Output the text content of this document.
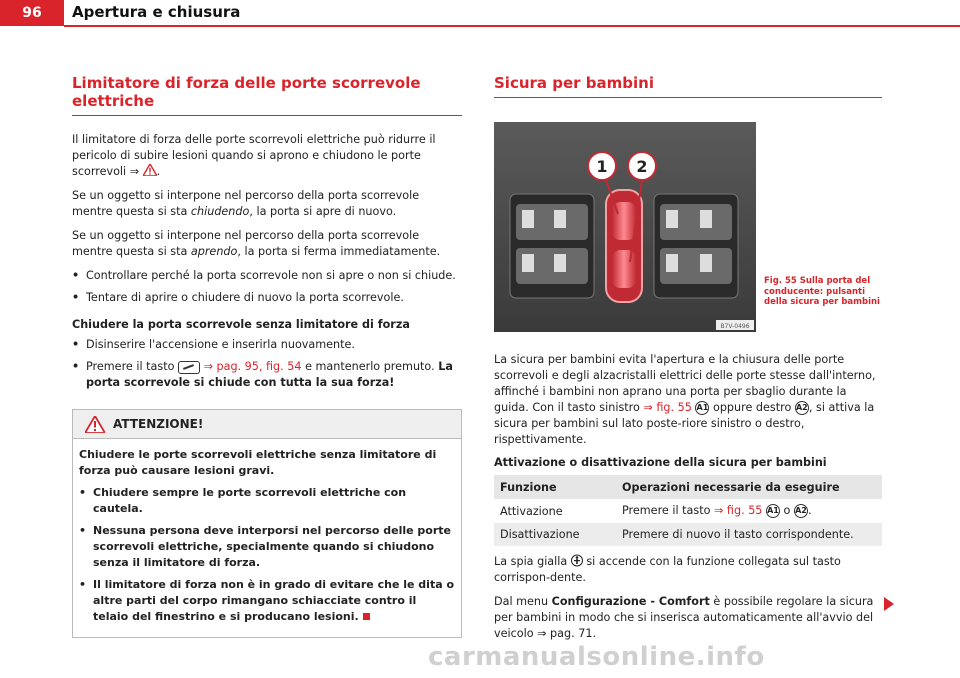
96	Apertura e chiusura
Limitatore di forza delle porte scorrevole elettriche

Il limitatore di forza delle porte scorrevoli elettriche può ridurre il pericolo di subire lesioni quando si aprono e chiudono le porte scorrevoli ⇒ .

Se un oggetto si interpone nel percorso della porta scorrevole mentre questa si sta chiudendo, la porta si apre di nuovo.

Se un oggetto si interpone nel percorso della porta scorrevole mentre questa si sta aprendo, la porta si ferma immediatamente.

• Controllare perché la porta scorrevole non si apre o non si chiude.
• Tentare di aprire o chiudere di nuovo la porta scorrevole.
Chiudere la porta scorrevole senza limitatore di forza
• Disinserire l'accensione e inserirla nuovamente.
• Premere il tasto  ⇒ pag. 95, fig. 54 e mantenerlo premuto. La porta scorrevole si chiude con tutta la sua forza!
ATTENZIONE!

Chiudere le porte scorrevoli elettriche senza limitatore di forza può causare lesioni gravi.

• Chiudere sempre le porte scorrevoli elettriche con cautela.
• Nessuna persona deve interporsi nel percorso delle porte scorrevoli elettriche, specialmente quando si chiudono senza il limitatore di forza.
• Il limitatore di forza non è in grado di evitare che le dita o altre parti del corpo rimangano schiacciate contro il telaio del finestrino e si producano lesioni.
Sicura per bambini
1 2
B7V-0496
Fig. 55 Sulla porta del conducente: pulsanti della sicura per bambini

La sicura per bambini evita l'apertura e la chiusura delle porte scorrevoli e degli alzacristalli elettrici delle porte stesse dall'interno, affinché i bambini non aprano una porta per sbaglio durante la guida. Con il tasto sinistro ⇒ fig. 55 A1 oppure destro A2, si attiva la sicura per bambini sul lato poste-riore sinistro o destro, rispettivamente.

Attivazione o disattivazione della sicura per bambini
Funzione	Operazioni necessarie da eseguire
Attivazione	Premere il tasto ⇒ fig. 55 A1 o A2.
Disattivazione	Premere di nuovo il tasto corrispondente.

La spia gialla  si accende con la funzione collegata sul tasto corrispon-dente.

Dal menu Configurazione - Comfort è possibile regolare la sicura per bambini in modo che si inserisca automaticamente all'avvio del veicolo ⇒ pag. 71.

carmanualsonline.info
